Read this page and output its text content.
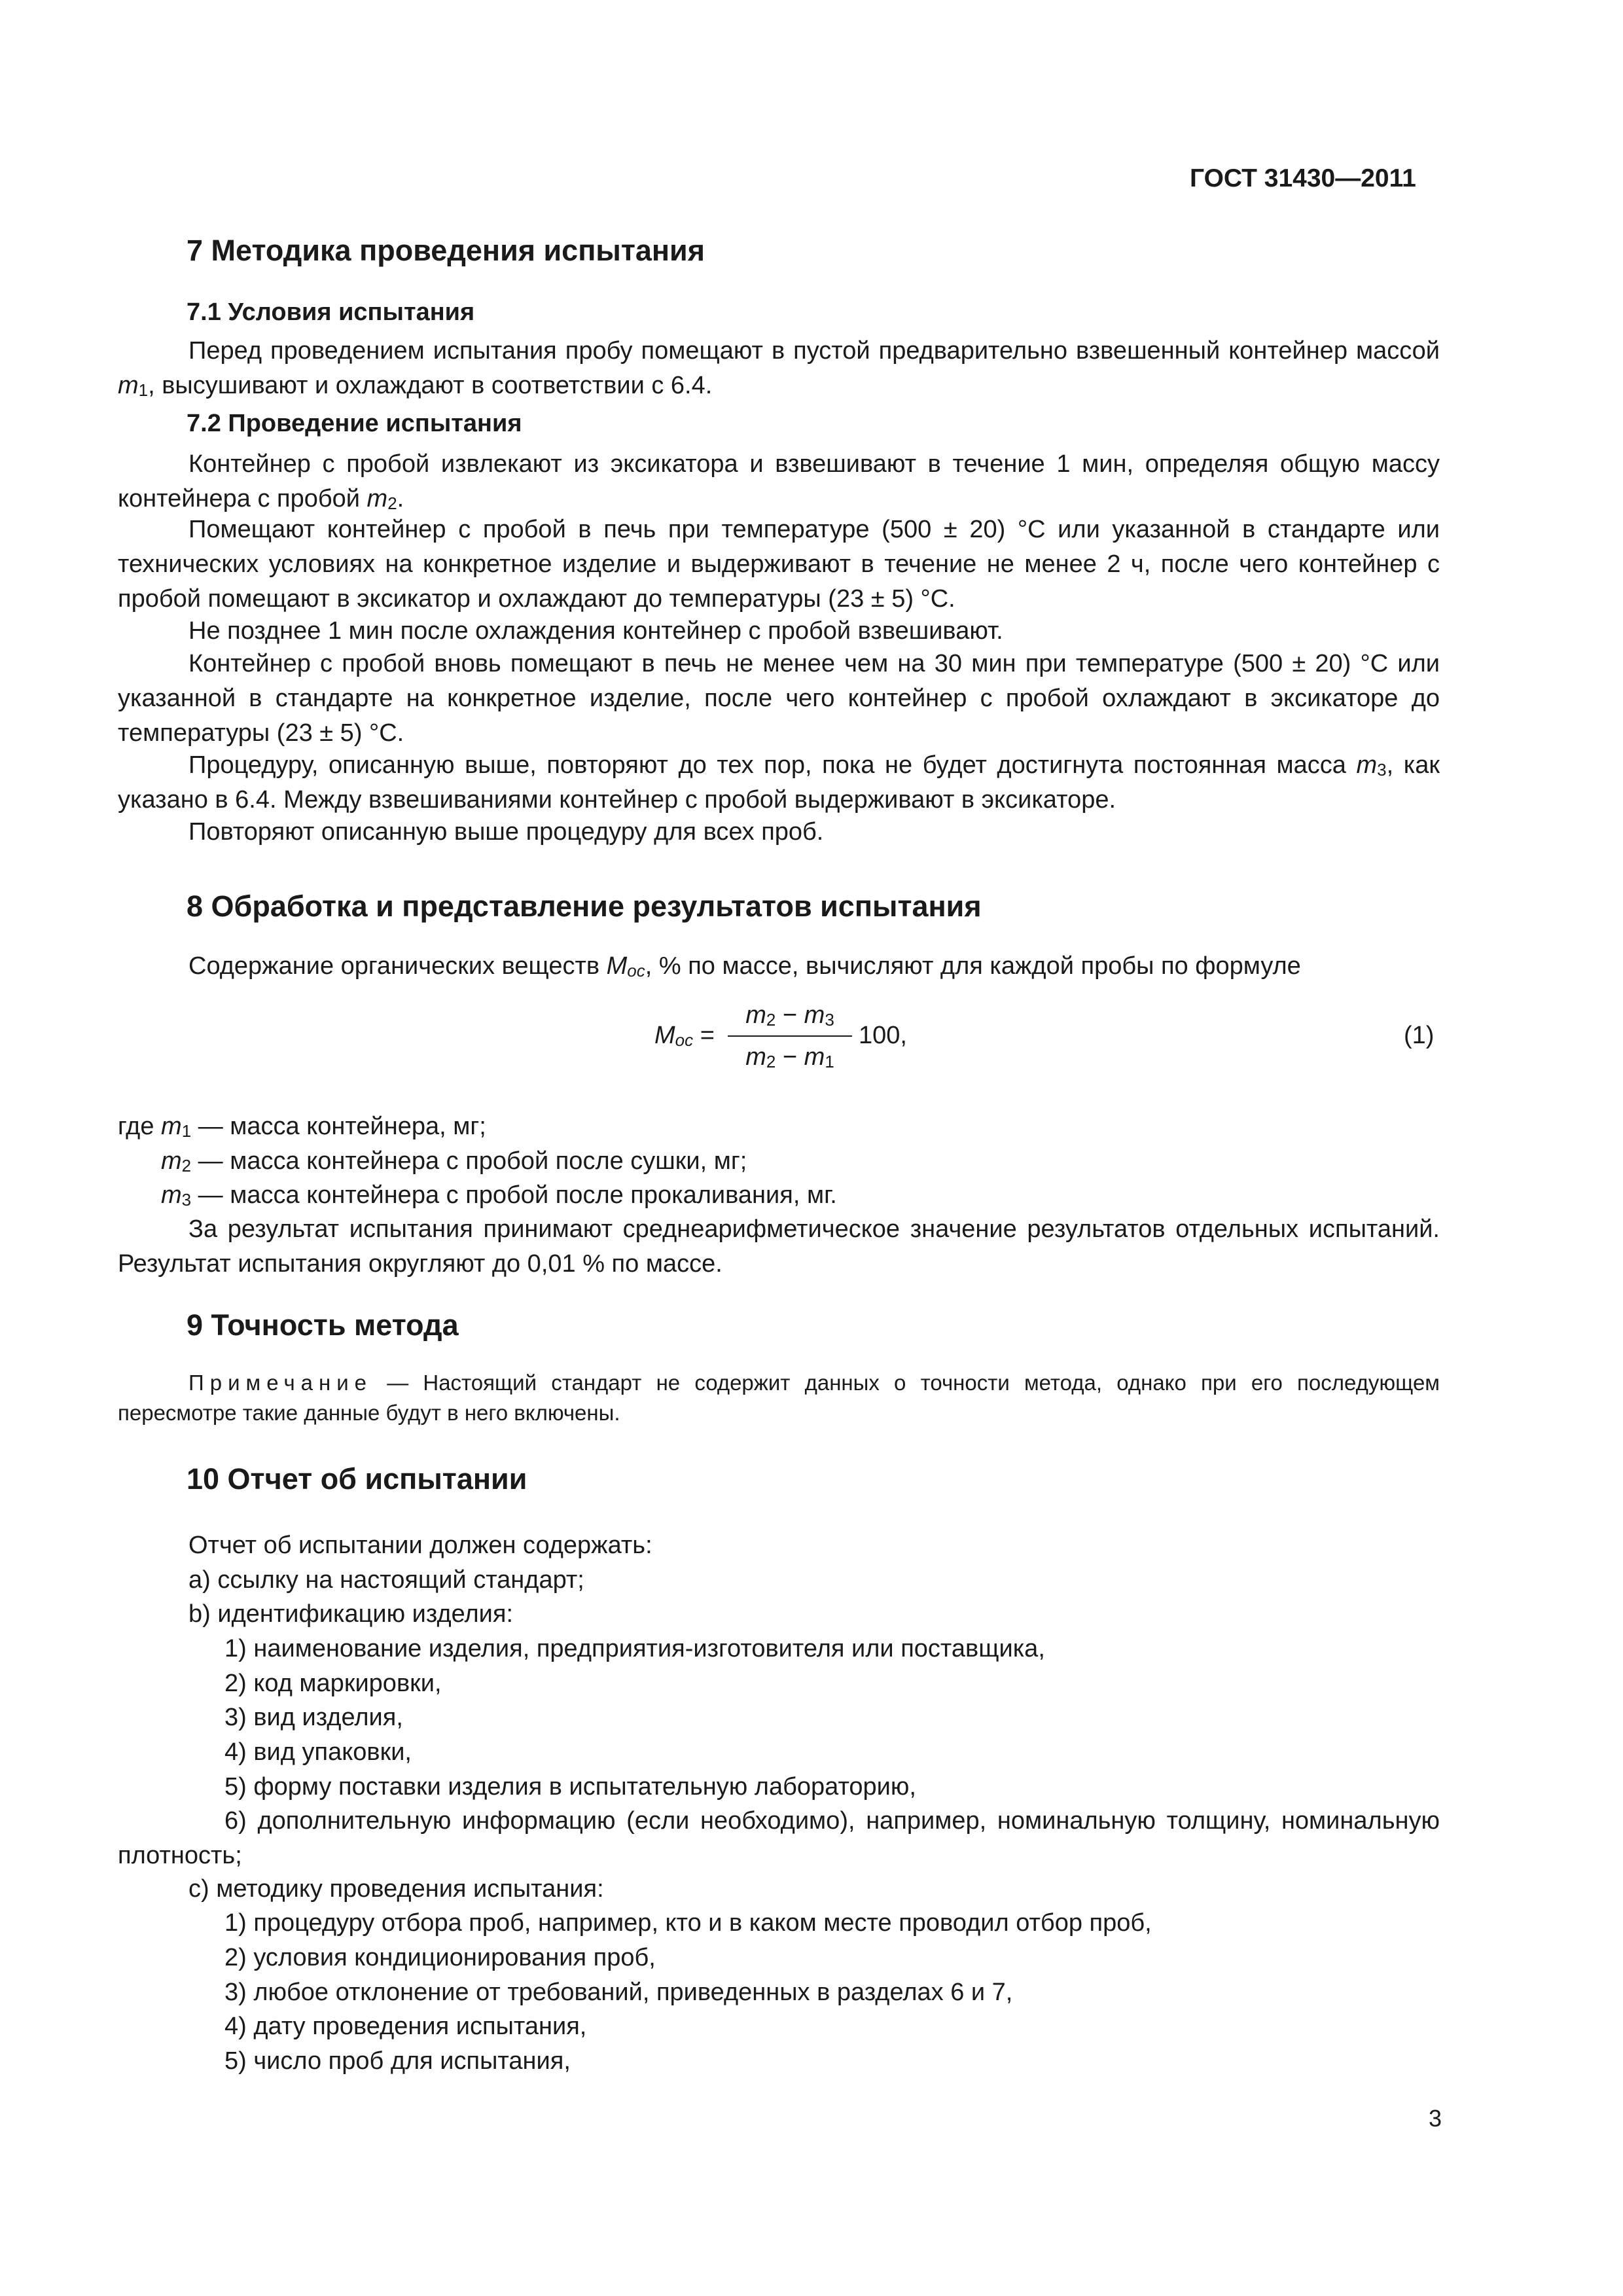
ГОСТ 31430—2011
7 Методика проведения испытания
7.1 Условия испытания
Перед проведением испытания пробу помещают в пустой предварительно взвешенный контейнер массой $m_1$, высушивают и охлаждают в соответствии с 6.4.
7.2 Проведение испытания
Контейнер с пробой извлекают из эксикатора и взвешивают в течение 1 мин, определяя общую массу контейнера с пробой $m_2$.
Помещают контейнер с пробой в печь при температуре (500 ± 20) °С или указанной в стандарте или технических условиях на конкретное изделие и выдерживают в течение не менее 2 ч, после чего контейнер с пробой помещают в эксикатор и охлаждают до температуры (23 ± 5) °С.
Не позднее 1 мин после охлаждения контейнер с пробой взвешивают.
Контейнер с пробой вновь помещают в печь не менее чем на 30 мин при температуре (500 ± 20) °С или указанной в стандарте на конкретное изделие, после чего контейнер с пробой охлаждают в эксикаторе до температуры (23 ± 5) °С.
Процедуру, описанную выше, повторяют до тех пор, пока не будет достигнута постоянная масса $m_3$, как указано в 6.4. Между взвешиваниями контейнер с пробой выдерживают в эксикаторе.
Повторяют описанную выше процедуру для всех проб.
8 Обработка и представление результатов испытания
Содержание органических веществ $M_{oc}$, % по массе, вычисляют для каждой пробы по формуле
$M_{oc}$ =
$m_2 - m_3$
$m_2 - m_1$
100,	(1)
где $m_1$ — масса контейнера, мг;
$m_2$ — масса контейнера с пробой после сушки, мг;
$m_3$ — масса контейнера с пробой после прокаливания, мг.
За результат испытания принимают среднеарифметическое значение результатов отдельных испытаний. Результат испытания округляют до 0,01 % по массе.
9 Точность метода
Примечание — Настоящий стандарт не содержит данных о точности метода, однако при его последующем пересмотре такие данные будут в него включены.
10 Отчет об испытании
Отчет об испытании должен содержать:
a) ссылку на настоящий стандарт;
b) идентификацию изделия:
1) наименование изделия, предприятия-изготовителя или поставщика,
2) код маркировки,
3) вид изделия,
4) вид упаковки,
5) форму поставки изделия в испытательную лабораторию,
6) дополнительную информацию (если необходимо), например, номинальную толщину, номинальную плотность;
c) методику проведения испытания:
1) процедуру отбора проб, например, кто и в каком месте проводил отбор проб,
2) условия кондиционирования проб,
3) любое отклонение от требований, приведенных в разделах 6 и 7,
4) дату проведения испытания,
5) число проб для испытания,
3
